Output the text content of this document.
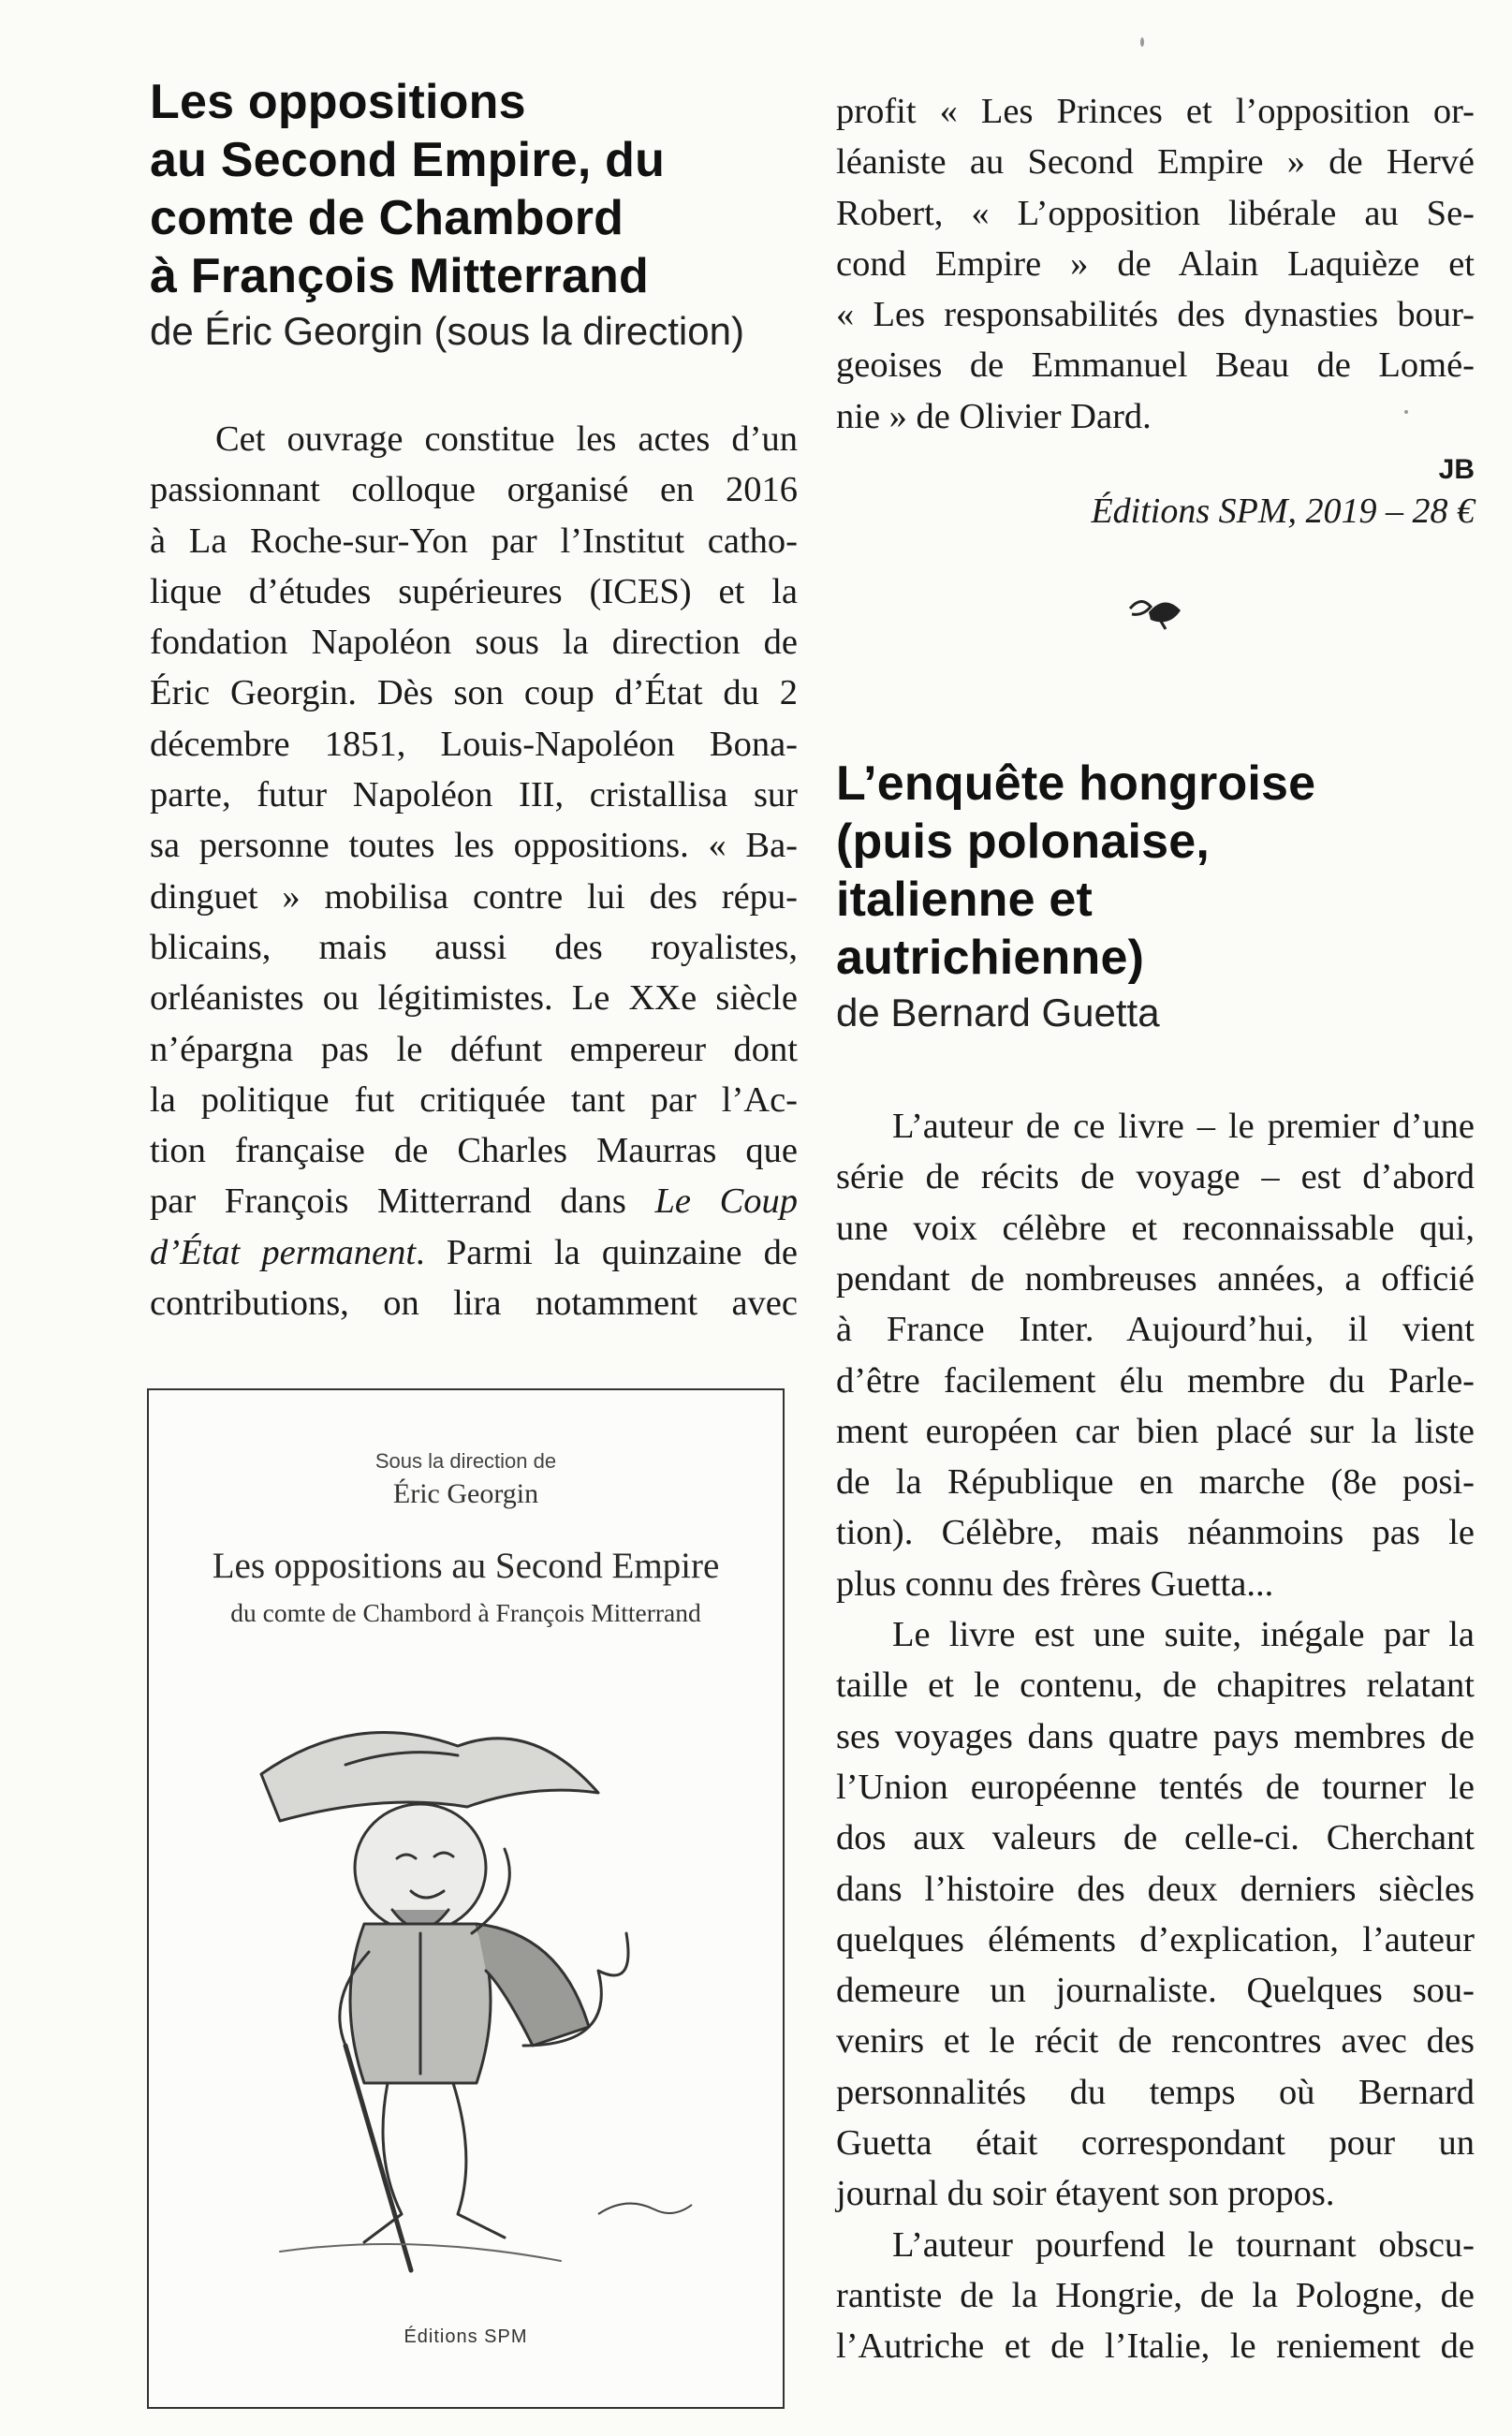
Les oppositions
au Second Empire, du
comte de Chambord
à François Mitterrand
de Éric Georgin (sous la direction)
Cet ouvrage constitue les actes d’un
passionnant colloque organisé en 2016
à La Roche-sur-Yon par l’Institut catho-
lique d’études supérieures (ICES) et la
fondation Napoléon sous la direction de
Éric Georgin. Dès son coup d’État du 2
décembre 1851, Louis-Napoléon Bona-
parte, futur Napoléon III, cristallisa sur
sa personne toutes les oppositions. « Ba-
dinguet » mobilisa contre lui des répu-
blicains, mais aussi des royalistes,
orléanistes ou légitimistes. Le XXe siècle
n’épargna pas le défunt empereur dont
la politique fut critiquée tant par l’Ac-
tion française de Charles Maurras que
par François Mitterrand dans Le Coup
d’État permanent. Parmi la quinzaine de
contributions, on lira notamment avec
Sous la direction de
Éric Georgin
Les oppositions au Second Empire
du comte de Chambord à François Mitterrand
Éditions SPM
profit « Les Princes et l’opposition or-
léaniste au Second Empire » de Hervé
Robert, « L’opposition libérale au Se-
cond Empire » de Alain Laquièze et
« Les responsabilités des dynasties bour-
geoises de Emmanuel Beau de Lomé-
nie » de Olivier Dard.
JB
Éditions SPM, 2019 – 28 €
L’enquête hongroise
(puis polonaise,
italienne et
autrichienne)
de Bernard Guetta
L’auteur de ce livre – le premier d’une
série de récits de voyage – est d’abord
une voix célèbre et reconnaissable qui,
pendant de nombreuses années, a officié
à France Inter. Aujourd’hui, il vient
d’être facilement élu membre du Parle-
ment européen car bien placé sur la liste
de la République en marche (8e posi-
tion). Célèbre, mais néanmoins pas le
plus connu des frères Guetta...
Le livre est une suite, inégale par la
taille et le contenu, de chapitres relatant
ses voyages dans quatre pays membres de
l’Union européenne tentés de tourner le
dos aux valeurs de celle-ci. Cherchant
dans l’histoire des deux derniers siècles
quelques éléments d’explication, l’auteur
demeure un journaliste. Quelques sou-
venirs et le récit de rencontres avec des
personnalités du temps où Bernard
Guetta était correspondant pour un
journal du soir étayent son propos.
L’auteur pourfend le tournant obscu-
rantiste de la Hongrie, de la Pologne, de
l’Autriche et de l’Italie, le reniement de
